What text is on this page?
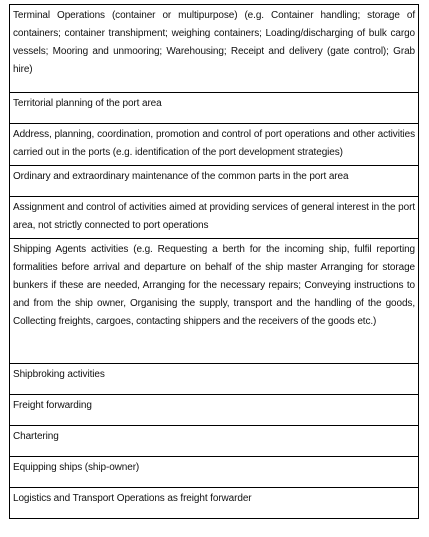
Terminal Operations (container or multipurpose) (e.g. Container handling; storage of containers; container transhipment; weighing containers; Loading/discharging of bulk cargo vessels; Mooring and unmooring; Warehousing; Receipt and delivery (gate control); Grab hire)
Territorial planning of the port area
Address, planning, coordination, promotion and control of port operations and other activities carried out in the ports (e.g. identification of the port development strategies)
Ordinary and extraordinary maintenance of the common parts in the port area
Assignment and control of activities aimed at providing services of general interest in the port area, not strictly connected to port operations
Shipping Agents activities (e.g. Requesting a berth for the incoming ship, fulfil reporting formalities before arrival and departure on behalf of the ship master Arranging for storage bunkers if these are needed, Arranging for the necessary repairs; Conveying instructions to and from the ship owner, Organising the supply, transport and the handling of the goods, Collecting freights, cargoes, contacting shippers and the receivers of the goods etc.)
Shipbroking activities
Freight forwarding
Chartering
Equipping ships (ship-owner)
Logistics and Transport Operations as freight forwarder
